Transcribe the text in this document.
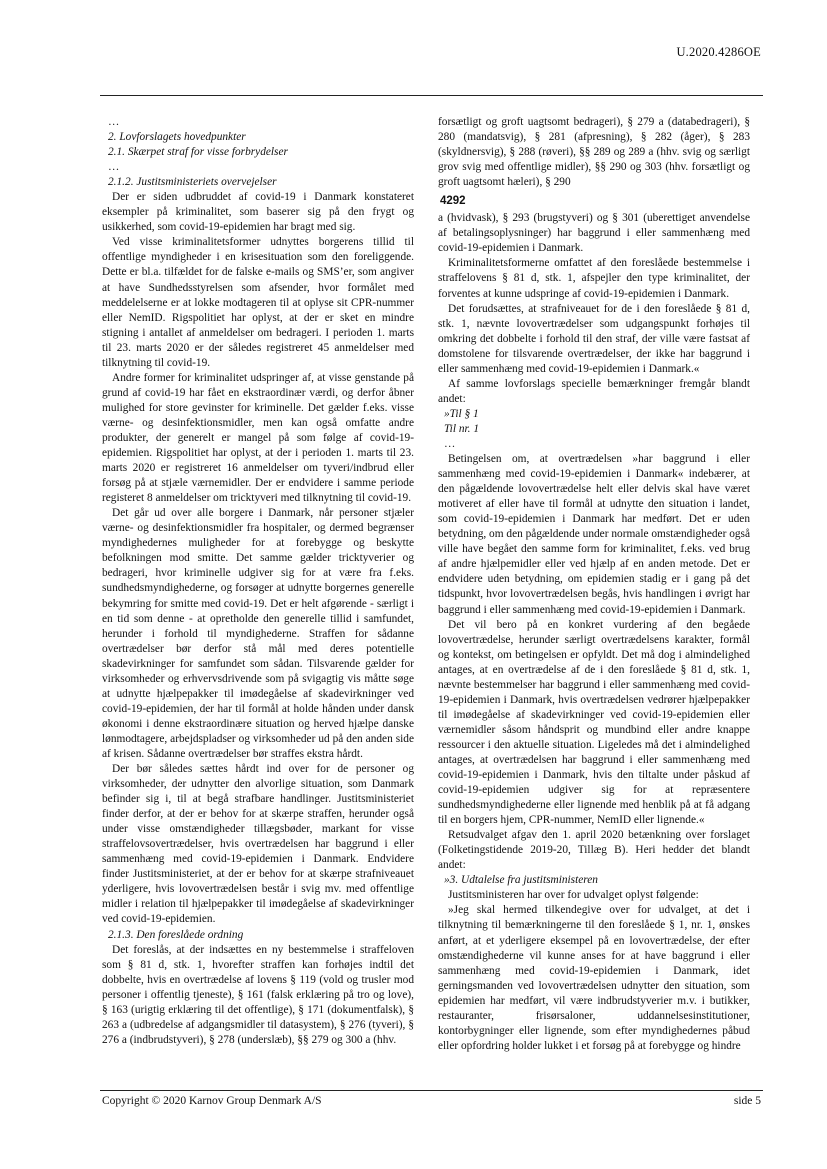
U.2020.4286OE

…

2. Lovforslagets hovedpunkter

2.1. Skærpet straf for visse forbrydelser

…

2.1.2. Justitsministeriets overvejelser

Der er siden udbruddet af covid-19 i Danmark konstateret eksempler på kriminalitet, som baserer sig på den frygt og usikkerhed, som covid-19-epidemien har bragt med sig.

Ved visse kriminalitetsformer udnyttes borgerens tillid til offentlige myndigheder i en krisesituation som den foreliggende. Dette er bl.a. tilfældet for de falske e-mails og SMS’er, som angiver at have Sundhedsstyrelsen som afsender, hvor formålet med meddelelserne er at lokke modtageren til at oplyse sit CPR-nummer eller NemID. Rigspolitiet har oplyst, at der er sket en mindre stigning i antallet af anmeldelser om bedrageri. I perioden 1. marts til 23. marts 2020 er der således registreret 45 anmeldelser med tilknytning til covid-19.

Andre former for kriminalitet udspringer af, at visse genstande på grund af covid-19 har fået en ekstraordinær værdi, og derfor åbner mulighed for store gevinster for kriminelle. Det gælder f.eks. visse værne- og desinfektionsmidler, men kan også omfatte andre produkter, der generelt er mangel på som følge af covid-19-epidemien. Rigspolitiet har oplyst, at der i perioden 1. marts til 23. marts 2020 er registreret 16 anmeldelser om tyveri/indbrud eller forsøg på at stjæle værnemidler. Der er endvidere i samme periode registeret 8 anmeldelser om tricktyveri med tilknytning til covid-19.

Det går ud over alle borgere i Danmark, når personer stjæler værne- og desinfektionsmidler fra hospitaler, og dermed begrænser myndighedernes muligheder for at forebygge og beskytte befolkningen mod smitte. Det samme gælder tricktyverier og bedrageri, hvor kriminelle udgiver sig for at være fra f.eks. sundhedsmyndighederne, og forsøger at udnytte borgernes generelle bekymring for smitte med covid-19. Det er helt afgørende - særligt i en tid som denne - at opretholde den generelle tillid i samfundet, herunder i forhold til myndighederne. Straffen for sådanne overtrædelser bør derfor stå mål med deres potentielle skadevirkninger for samfundet som sådan. Tilsvarende gælder for virksomheder og erhvervsdrivende som på svigagtig vis måtte søge at udnytte hjælpepakker til imødegåelse af skadevirkninger ved covid-19-epidemien, der har til formål at holde hånden under dansk økonomi i denne ekstraordinære situation og herved hjælpe danske lønmodtagere, arbejdspladser og virksomheder ud på den anden side af krisen. Sådanne overtrædelser bør straffes ekstra hårdt.

Der bør således sættes hårdt ind over for de personer og virksomheder, der udnytter den alvorlige situation, som Danmark befinder sig i, til at begå strafbare handlinger. Justitsministeriet finder derfor, at der er behov for at skærpe straffen, herunder også under visse omstændigheder tillægsbøder, markant for visse straffelovsovertrædelser, hvis overtrædelsen har baggrund i eller sammenhæng med covid-19-epidemien i Danmark. Endvidere finder Justitsministeriet, at der er behov for at skærpe strafniveauet yderligere, hvis lovovertrædelsen består i svig mv. med offentlige midler i relation til hjælpepakker til imødegåelse af skadevirkninger ved covid-19-epidemien.

2.1.3. Den foreslåede ordning

Det foreslås, at der indsættes en ny bestemmelse i straffeloven som § 81 d, stk. 1, hvorefter straffen kan forhøjes indtil det dobbelte, hvis en overtrædelse af lovens § 119 (vold og trusler mod personer i offentlig tjeneste), § 161 (falsk erklæring på tro og love), § 163 (urigtig erklæring til det offentlige), § 171 (dokumentfalsk), § 263 a (udbredelse af adgangsmidler til datasystem), § 276 (tyveri), § 276 a (indbrudstyveri), § 278 (underslæb), §§ 279 og 300 a (hhv.

forsætligt og groft uagtsomt bedrageri), § 279 a (databedrageri), § 280 (mandatsvig), § 281 (afpresning), § 282 (åger), § 283 (skyldnersvig), § 288 (røveri), §§ 289 og 289 a (hhv. svig og særligt grov svig med offentlige midler), §§ 290 og 303 (hhv. forsætligt og groft uagtsomt hæleri), § 290

4292

a (hvidvask), § 293 (brugstyveri) og § 301 (uberettiget anvendelse af betalingsoplysninger) har baggrund i eller sammenhæng med covid-19-epidemien i Danmark.

Kriminalitetsformerne omfattet af den foreslåede bestemmelse i straffelovens § 81 d, stk. 1, afspejler den type kriminalitet, der forventes at kunne udspringe af covid-19-epidemien i Danmark.

Det forudsættes, at strafniveauet for de i den foreslåede § 81 d, stk. 1, nævnte lovovertrædelser som udgangspunkt forhøjes til omkring det dobbelte i forhold til den straf, der ville være fastsat af domstolene for tilsvarende overtrædelser, der ikke har baggrund i eller sammenhæng med covid-19-epidemien i Danmark.«

Af samme lovforslags specielle bemærkninger fremgår blandt andet:

»Til § 1

Til nr. 1

…

Betingelsen om, at overtrædelsen »har baggrund i eller sammenhæng med covid-19-epidemien i Danmark« indebærer, at den pågældende lovovertrædelse helt eller delvis skal have været motiveret af eller have til formål at udnytte den situation i landet, som covid-19-epidemien i Danmark har medført. Det er uden betydning, om den pågældende under normale omstændigheder også ville have begået den samme form for kriminalitet, f.eks. ved brug af andre hjælpemidler eller ved hjælp af en anden metode. Det er endvidere uden betydning, om epidemien stadig er i gang på det tidspunkt, hvor lovovertrædelsen begås, hvis handlingen i øvrigt har baggrund i eller sammenhæng med covid-19-epidemien i Danmark.

Det vil bero på en konkret vurdering af den begåede lovovertrædelse, herunder særligt overtrædelsens karakter, formål og kontekst, om betingelsen er opfyldt. Det må dog i almindelighed antages, at en overtrædelse af de i den foreslåede § 81 d, stk. 1, nævnte bestemmelser har baggrund i eller sammenhæng med covid-19-epidemien i Danmark, hvis overtrædelsen vedrører hjælpepakker til imødegåelse af skadevirkninger ved covid-19-epidemien eller værnemidler såsom håndsprit og mundbind eller andre knappe ressourcer i den aktuelle situation. Ligeledes må det i almindelighed antages, at overtrædelsen har baggrund i eller sammenhæng med covid-19-epidemien i Danmark, hvis den tiltalte under påskud af covid-19-epidemien udgiver sig for at repræsentere sundhedsmyndighederne eller lignende med henblik på at få adgang til en borgers hjem, CPR-nummer, NemID eller lignende.«

Retsudvalget afgav den 1. april 2020 betænkning over forslaget (Folketingstidende 2019-20, Tillæg B). Heri hedder det blandt andet:

»3. Udtalelse fra justitsministeren

Justitsministeren har over for udvalget oplyst følgende:

»Jeg skal hermed tilkendegive over for udvalget, at det i tilknytning til bemærkningerne til den foreslåede § 1, nr. 1, ønskes anført, at et yderligere eksempel på en lovovertrædelse, der efter omstændighederne vil kunne anses for at have baggrund i eller sammenhæng med covid-19-epidemien i Danmark, idet gerningsmanden ved lovovertrædelsen udnytter den situation, som epidemien har medført, vil være indbrudstyverier m.v. i butikker, restauranter, frisørsaloner, uddannelsesinstitutioner, kontorbygninger eller lignende, som efter myndighedernes påbud eller opfordring holder lukket i et forsøg på at forebygge og hindre

Copyright © 2020 Karnov Group Denmark A/S	side 5
